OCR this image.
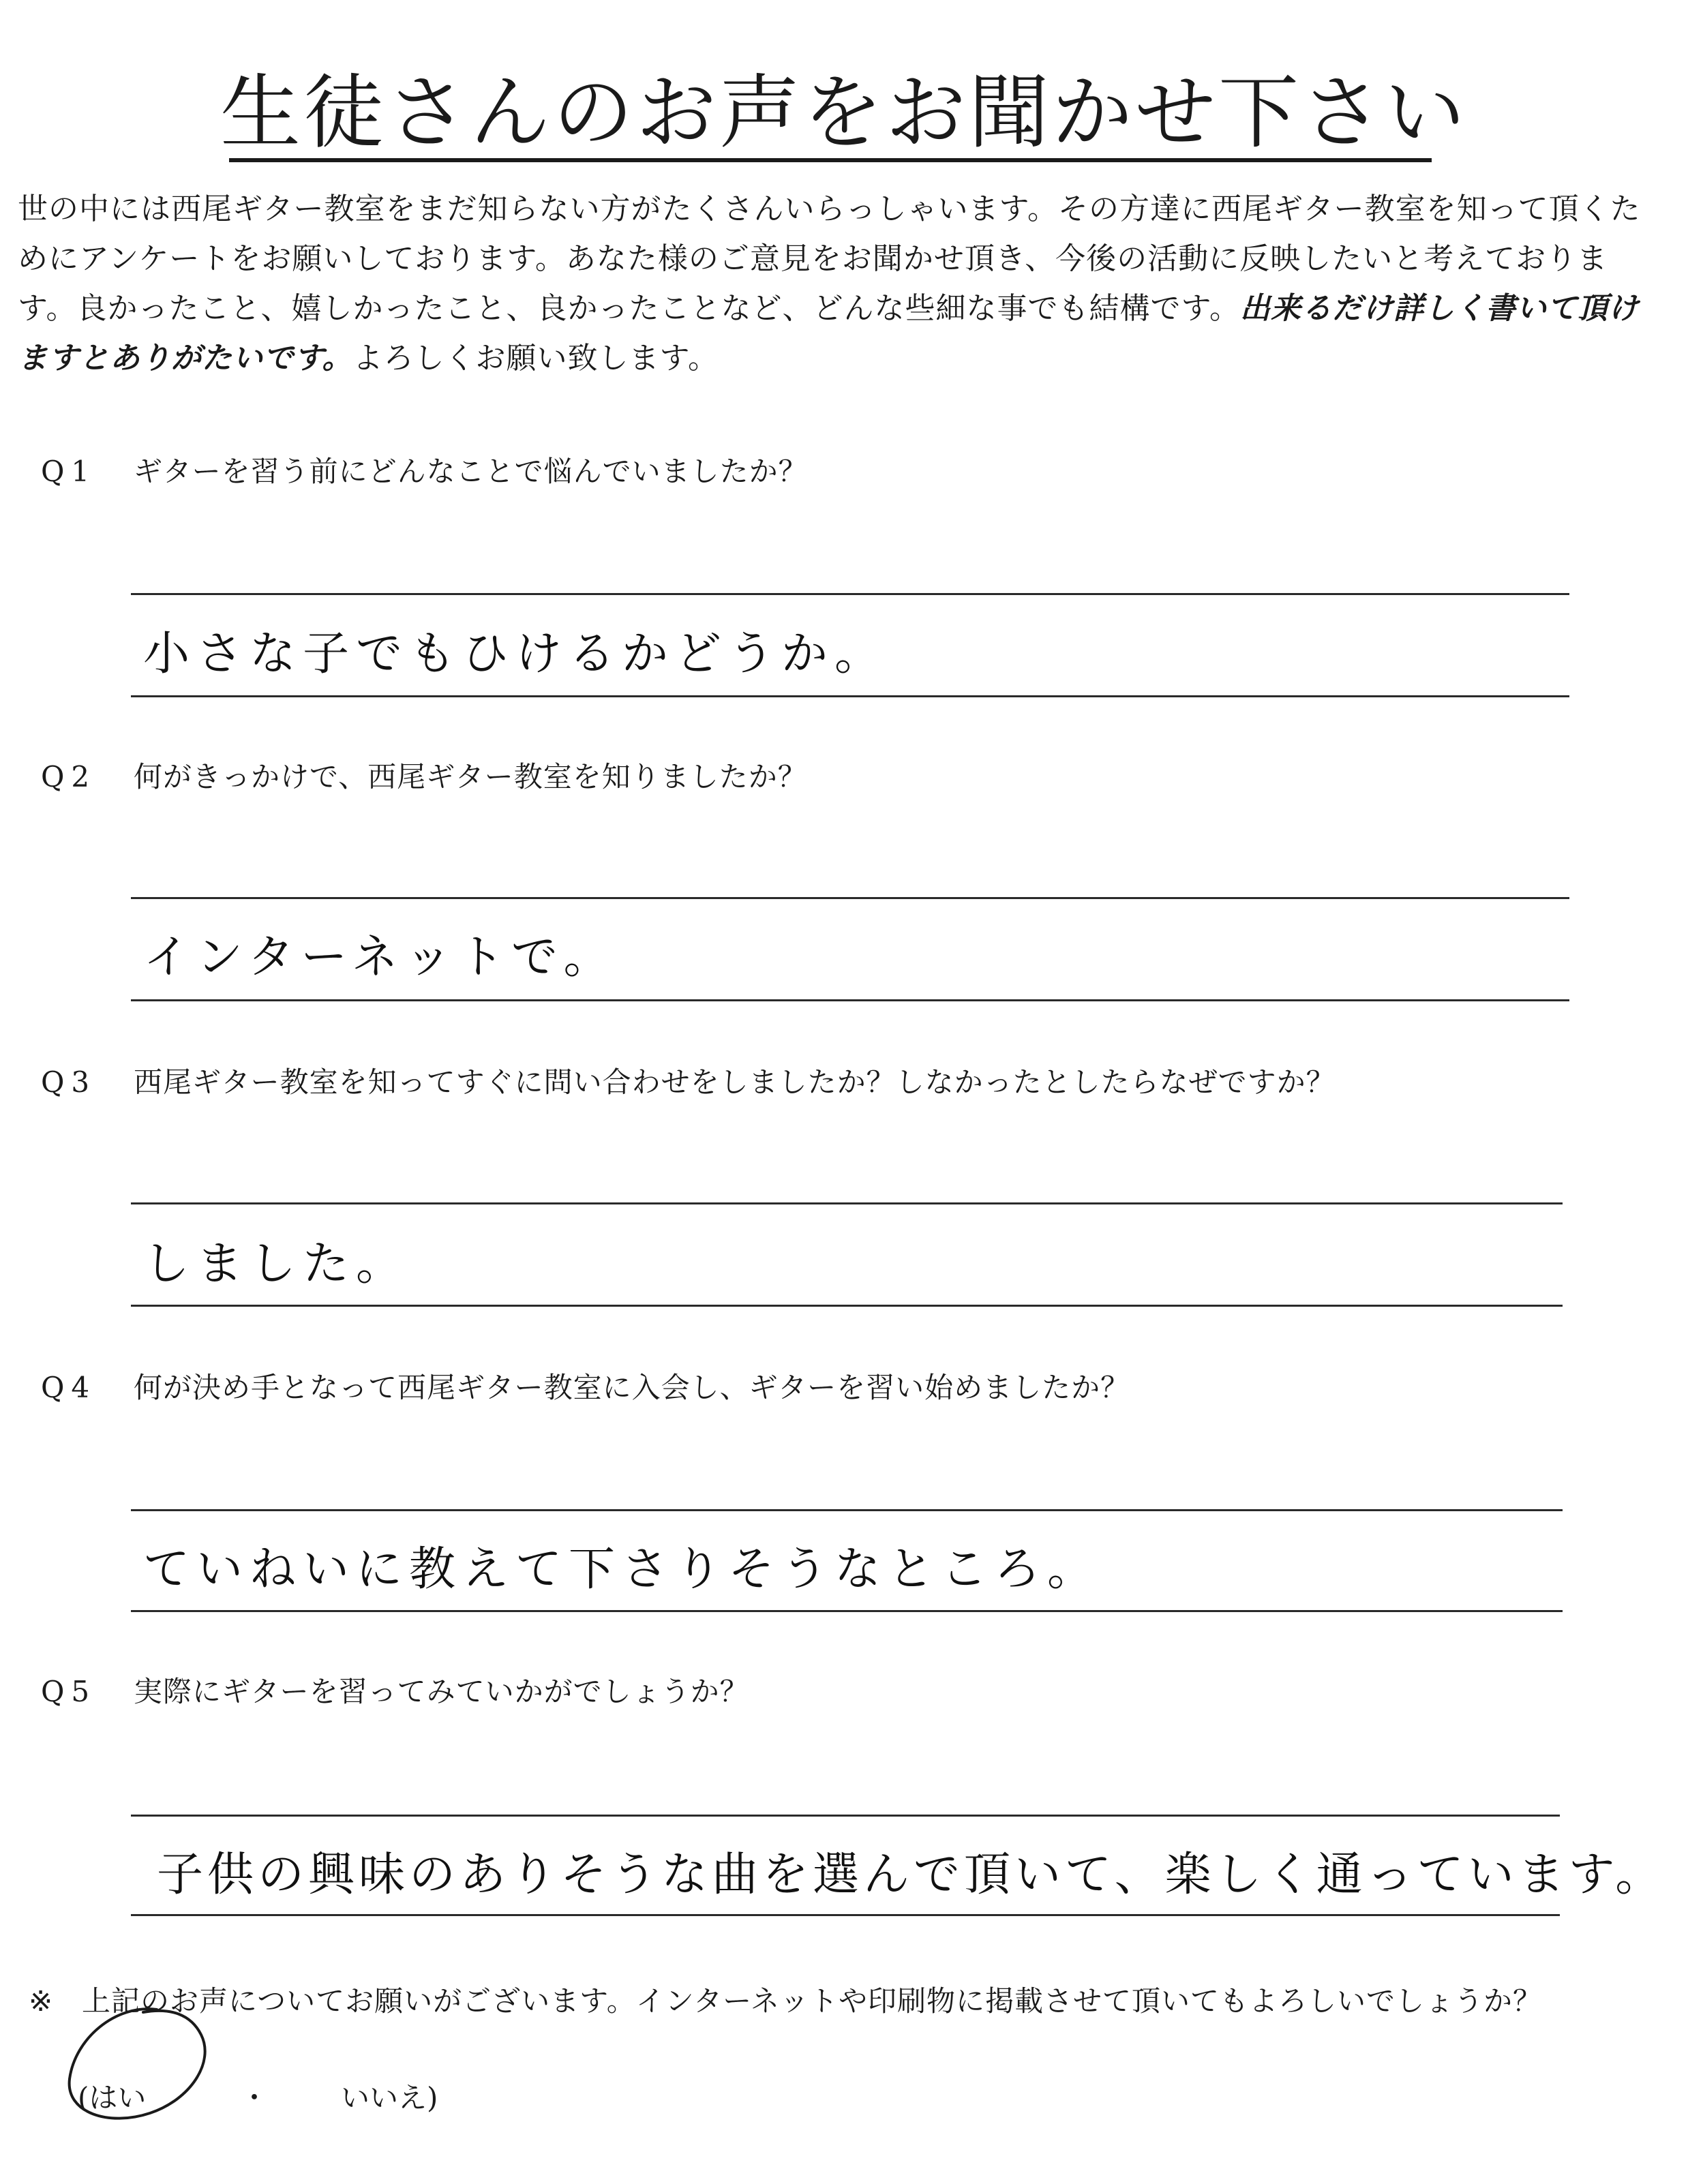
生徒さんのお声をお聞かせ下さい
世の中には西尾ギター教室をまだ知らない方がたくさんいらっしゃいます。その方達に西尾ギター教室を知って頂くためにアンケートをお願いしております。あなた様のご意見をお聞かせ頂き、今後の活動に反映したいと考えております。良かったこと、嬉しかったこと、良かったことなど、どんな些細な事でも結構です。出来るだけ詳しく書いて頂けますとありがたいです。よろしくお願い致します。
Q1 ギターを習う前にどんなことで悩んでいましたか？
小さな子でもひけるかどうか。
Q2 何がきっかけで、西尾ギター教室を知りましたか？
インターネットで。
Q3 西尾ギター教室を知ってすぐに問い合わせをしましたか？しなかったとしたらなぜですか？
しました。
Q4 何が決め手となって西尾ギター教室に入会し、ギターを習い始めましたか？
ていねいに教えて下さりそうなところ。
Q5 実際にギターを習ってみていかがでしょうか？
子供の興味のありそうな曲を選んで頂いて、楽しく通っています。
※ 上記のお声についてお願いがございます。インターネットや印刷物に掲載させて頂いてもよろしいでしょうか？
(はい	・	いいえ)
